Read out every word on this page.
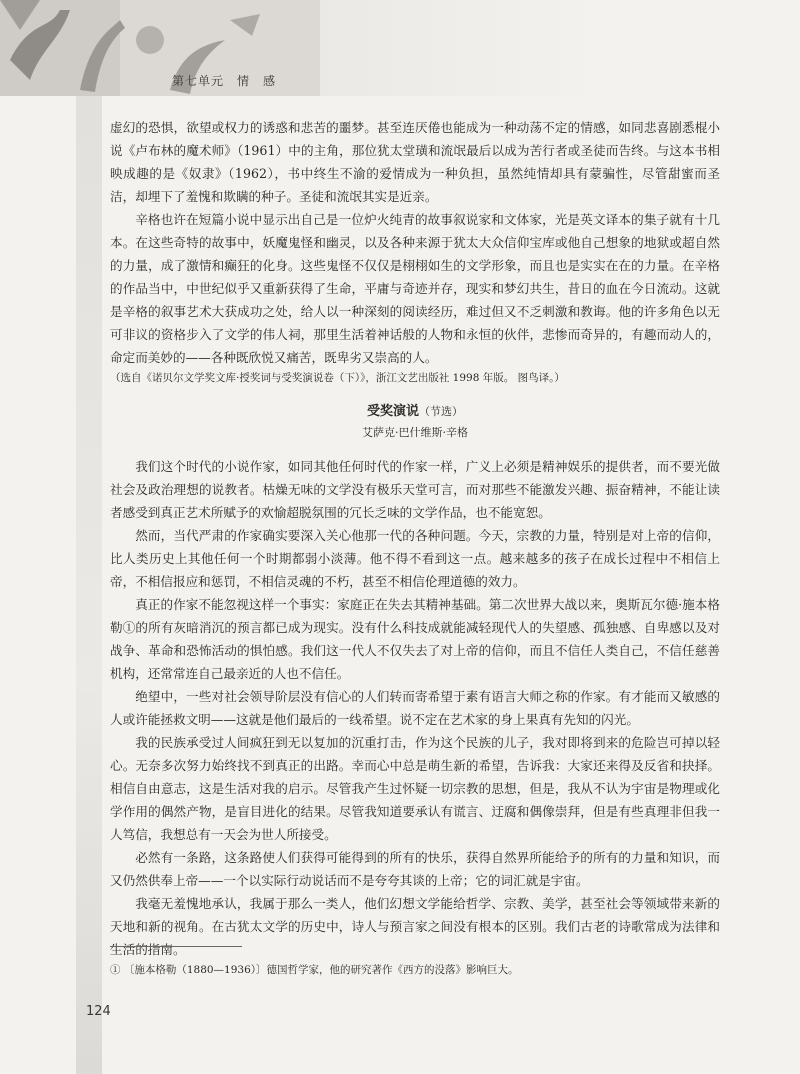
第七单元　情　感

虚幻的恐惧，欲望或权力的诱惑和悲苦的噩梦。甚至连厌倦也能成为一种动荡不定的情感，如同悲喜剧悉棍小说《卢布林的魔术师》（1961）中的主角，那位犹太堂璜和流氓最后以成为苦行者或圣徒而告终。与这本书相映成趣的是《奴隶》（1962），书中终生不渝的爱情成为一种负担，虽然纯情却具有蒙骗性，尽管甜蜜而圣洁，却埋下了羞愧和欺瞒的种子。圣徒和流氓其实是近亲。

辛格也许在短篇小说中显示出自己是一位炉火纯青的故事叙说家和文体家，光是英文译本的集子就有十几本。在这些奇特的故事中，妖魔鬼怪和幽灵，以及各种来源于犹太大众信仰宝库或他自己想象的地狱或超自然的力量，成了激情和癫狂的化身。这些鬼怪不仅仅是栩栩如生的文学形象，而且也是实实在在的力量。在辛格的作品当中，中世纪似乎又重新获得了生命，平庸与奇迹并存，现实和梦幻共生，昔日的血在今日流动。这就是辛格的叙事艺术大获成功之处，给人以一种深刻的阅读经历，难过但又不乏刺激和教诲。他的许多角色以无可非议的资格步入了文学的伟人祠，那里生活着神话般的人物和永恒的伙伴，悲惨而奇异的，有趣而动人的，命定而美妙的——各种既欣悦又痛苦，既卑劣又崇高的人。

（选自《诺贝尔文学奖文库·授奖词与受奖演说卷（下）》，浙江文艺出版社 1998 年版。 图鸟译。）

受奖演说（节选）
艾萨克·巴什维斯·辛格

我们这个时代的小说作家，如同其他任何时代的作家一样，广义上必须是精神娱乐的提供者，而不要光做社会及政治理想的说教者。枯燥无味的文学没有极乐天堂可言，而对那些不能激发兴趣、振奋精神，不能让读者感受到真正艺术所赋予的欢愉超脱氛围的冗长乏味的文学作品，也不能宽恕。

然而，当代严肃的作家确实要深入关心他那一代的各种问题。今天，宗教的力量，特别是对上帝的信仰，比人类历史上其他任何一个时期都弱小淡薄。他不得不看到这一点。越来越多的孩子在成长过程中不相信上帝，不相信报应和惩罚，不相信灵魂的不朽，甚至不相信伦理道德的效力。

真正的作家不能忽视这样一个事实：家庭正在失去其精神基础。第二次世界大战以来，奥斯瓦尔德·施本格勒①的所有灰暗消沉的预言都已成为现实。没有什么科技成就能减轻现代人的失望感、孤独感、自卑感以及对战争、革命和恐怖活动的惧怕感。我们这一代人不仅失去了对上帝的信仰，而且不信任人类自己，不信任慈善机构，还常常连自己最亲近的人也不信任。

绝望中，一些对社会领导阶层没有信心的人们转而寄希望于素有语言大师之称的作家。有才能而又敏感的人或许能拯救文明——这就是他们最后的一线希望。说不定在艺术家的身上果真有先知的闪光。

我的民族承受过人间疯狂到无以复加的沉重打击，作为这个民族的儿子，我对即将到来的危险岂可掉以轻心。无奈多次努力始终找不到真正的出路。幸而心中总是萌生新的希望，告诉我：大家还来得及反省和抉择。相信自由意志，这是生活对我的启示。尽管我产生过怀疑一切宗教的思想，但是，我从不认为宇宙是物理或化学作用的偶然产物，是盲目进化的结果。尽管我知道要承认有谎言、迂腐和偶像崇拜，但是有些真理非但我一人笃信，我想总有一天会为世人所接受。

必然有一条路，这条路使人们获得可能得到的所有的快乐，获得自然界所能给予的所有的力量和知识，而又仍然供奉上帝——一个以实际行动说话而不是夸夸其谈的上帝；它的词汇就是宇宙。

我毫无羞愧地承认，我属于那么一类人，他们幻想文学能给哲学、宗教、美学，甚至社会等领域带来新的天地和新的视角。在古犹太文学的历史中，诗人与预言家之间没有根本的区别。我们古老的诗歌常成为法律和生活的指南。

① 〔施本格勒（1880—1936）〕德国哲学家，他的研究著作《西方的没落》影响巨大。
124
